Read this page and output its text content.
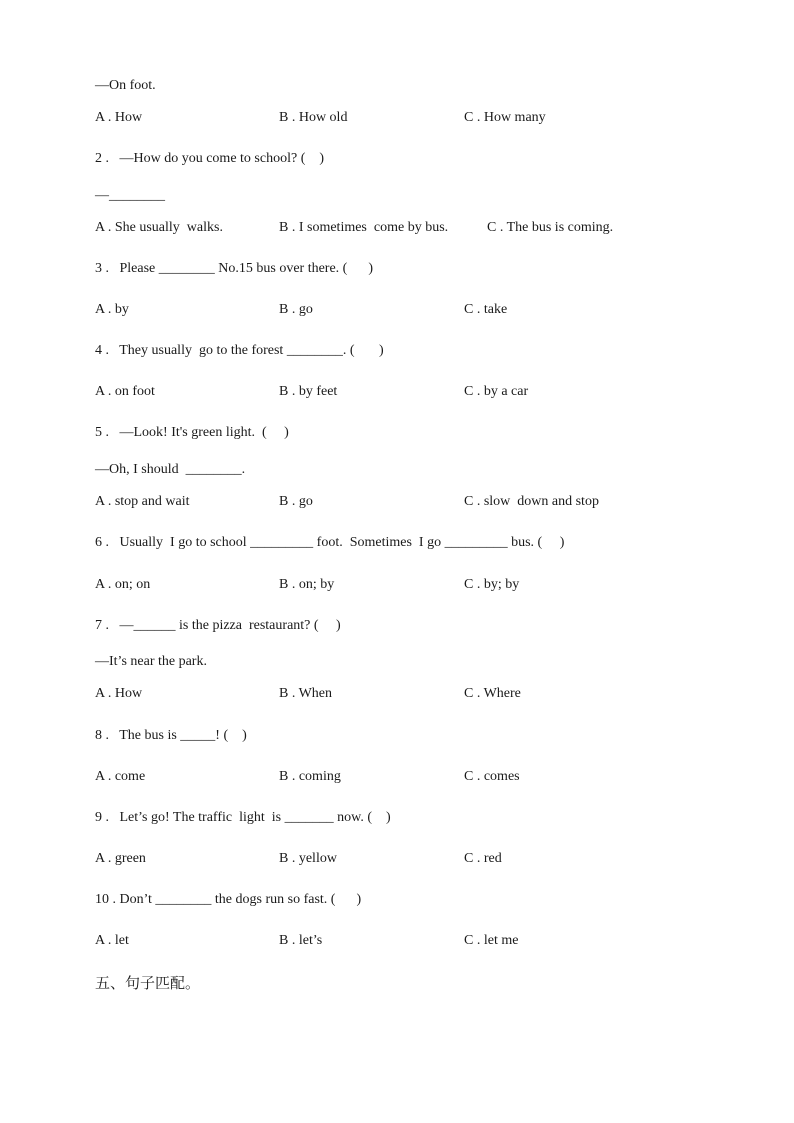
—On foot.
A . How	B . How old	C . How many
2 .   —How do you come to school? (    )
—________
A . She usually  walks.	B . I sometimes  come by bus.	C . The bus is coming.
3 .   Please ________ No.15 bus over there. (      )
A . by	B . go	C . take
4 .   They usually  go to the forest ________. (       )
A . on foot	B . by feet	C . by a car
5 .   —Look! It's green light.  (     )
—Oh, I should  ________.
A . stop and wait	B . go	C . slow  down and stop
6 .   Usually  I go to school _________ foot.  Sometimes  I go _________ bus. (     )
A . on; on	B . on; by	C . by; by
7 .   —______ is the pizza  restaurant? (     )
—It’s near the park.
A . How	B . When	C . Where
8 .   The bus is _____! (    )
A . come	B . coming	C . comes
9 .   Let’s go! The traffic  light  is _______ now. (    )
A . green	B . yellow	C . red
10 . Don’t ________ the dogs run so fast. (      )
A . let	B . let’s	C . let me
五、句子匹配。
